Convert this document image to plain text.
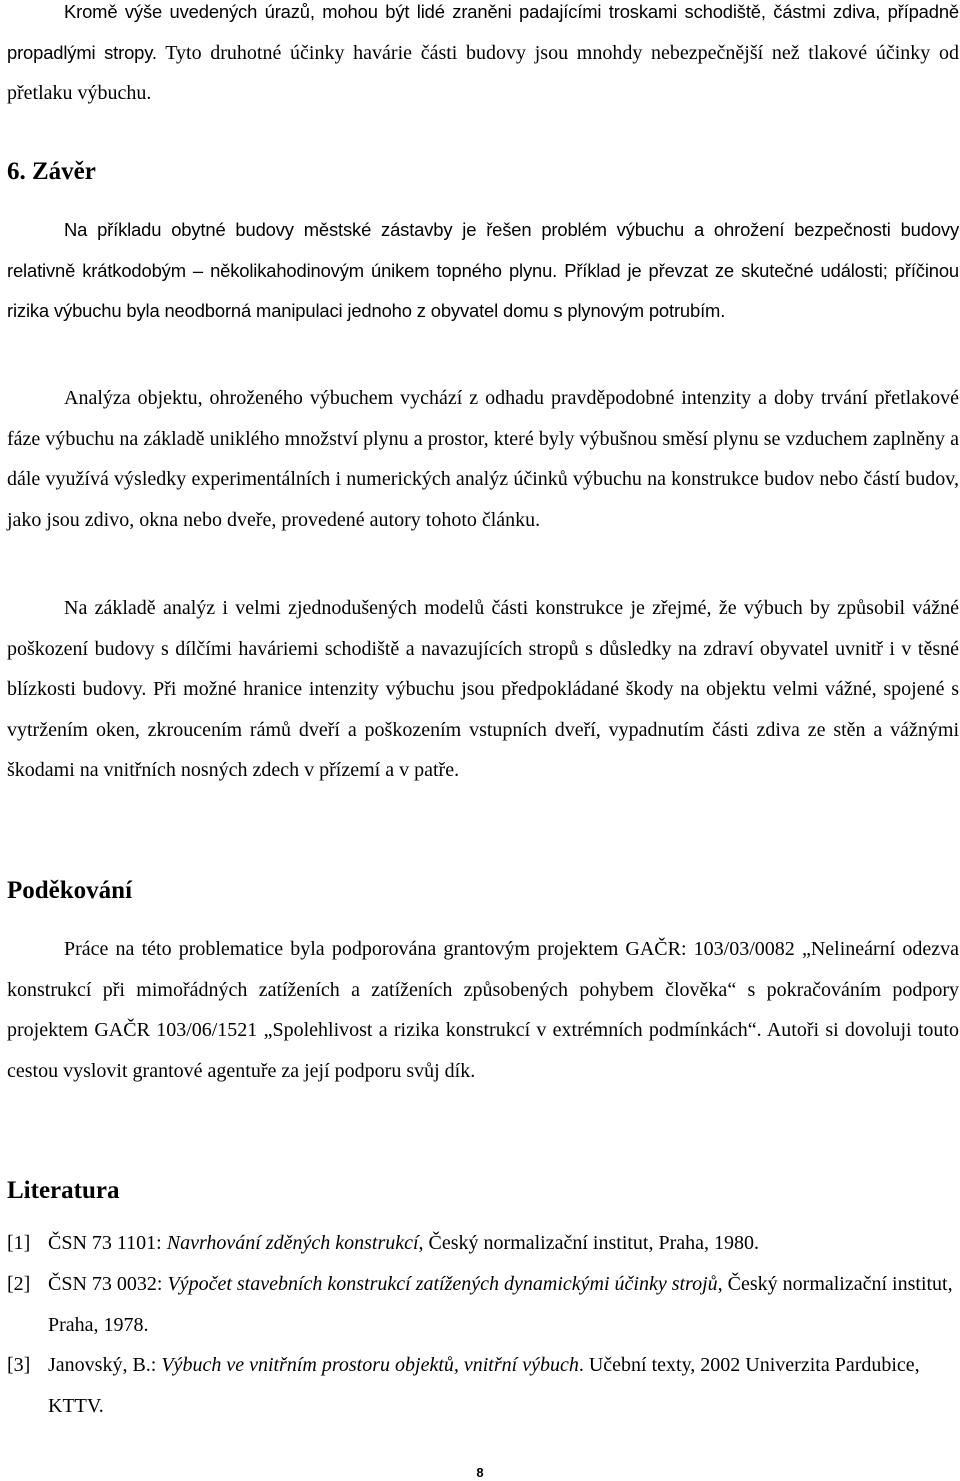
Kromě výše uvedených úrazů, mohou být lidé zraněni padajícími troskami schodiště, částmi zdiva, případně propadlými stropy. Tyto druhotné účinky havárie části budovy jsou mnohdy nebezpečnější než tlakové účinky od přetlaku výbuchu.

6. Závěr

Na příkladu obytné budovy městské zástavby je řešen problém výbuchu a ohrožení bezpečnosti budovy relativně krátkodobým – několikahodinovým únikem topného plynu. Příklad je převzat ze skutečné události; příčinou rizika výbuchu byla neodborná manipulaci jednoho z obyvatel domu s plynovým potrubím.

Analýza objektu, ohroženého výbuchem vychází z odhadu pravděpodobné intenzity a doby trvání přetlakové fáze výbuchu na základě uniklého množství plynu a prostor, které byly výbušnou směsí plynu se vzduchem zaplněny a dále využívá výsledky experimentálních i numerických analýz účinků výbuchu na konstrukce budov nebo částí budov, jako jsou zdivo, okna nebo dveře, provedené autory tohoto článku.

Na základě analýz i velmi zjednodušených modelů části konstrukce je zřejmé, že výbuch by způsobil vážné poškození budovy s dílčími haváriemi schodiště a navazujících stropů s důsledky na zdraví obyvatel uvnitř i v těsné blízkosti budovy. Při možné hranice intenzity výbuchu jsou předpokládané škody na objektu velmi vážné, spojené s vytržením oken, zkroucením rámů dveří a poškozením vstupních dveří, vypadnutím části zdiva ze stěn a vážnými škodami na vnitřních nosných zdech v přízemí a v patře.

Poděkování

Práce na této problematice byla podporována grantovým projektem GAČR: 103/03/0082 „Nelineární odezva konstrukcí při mimořádných zatíženích a zatíženích způsobených pohybem člověka“ s pokračováním podpory projektem GAČR 103/06/1521 „Spolehlivost a rizika konstrukcí v extrémních podmínkách“. Autoři si dovoluji touto cestou vyslovit grantové agentuře za její podporu svůj dík.

Literatura
[1] ČSN 73 1101: Navrhování zděných konstrukcí, Český normalizační institut, Praha, 1980.
[2] ČSN 73 0032: Výpočet stavebních konstrukcí zatížených dynamickými účinky strojů, Český normalizační institut, Praha, 1978.
[3] Janovský, B.: Výbuch ve vnitřním prostoru objektů, vnitřní výbuch. Učební texty, 2002 Univerzita Pardubice, KTTV.
8
